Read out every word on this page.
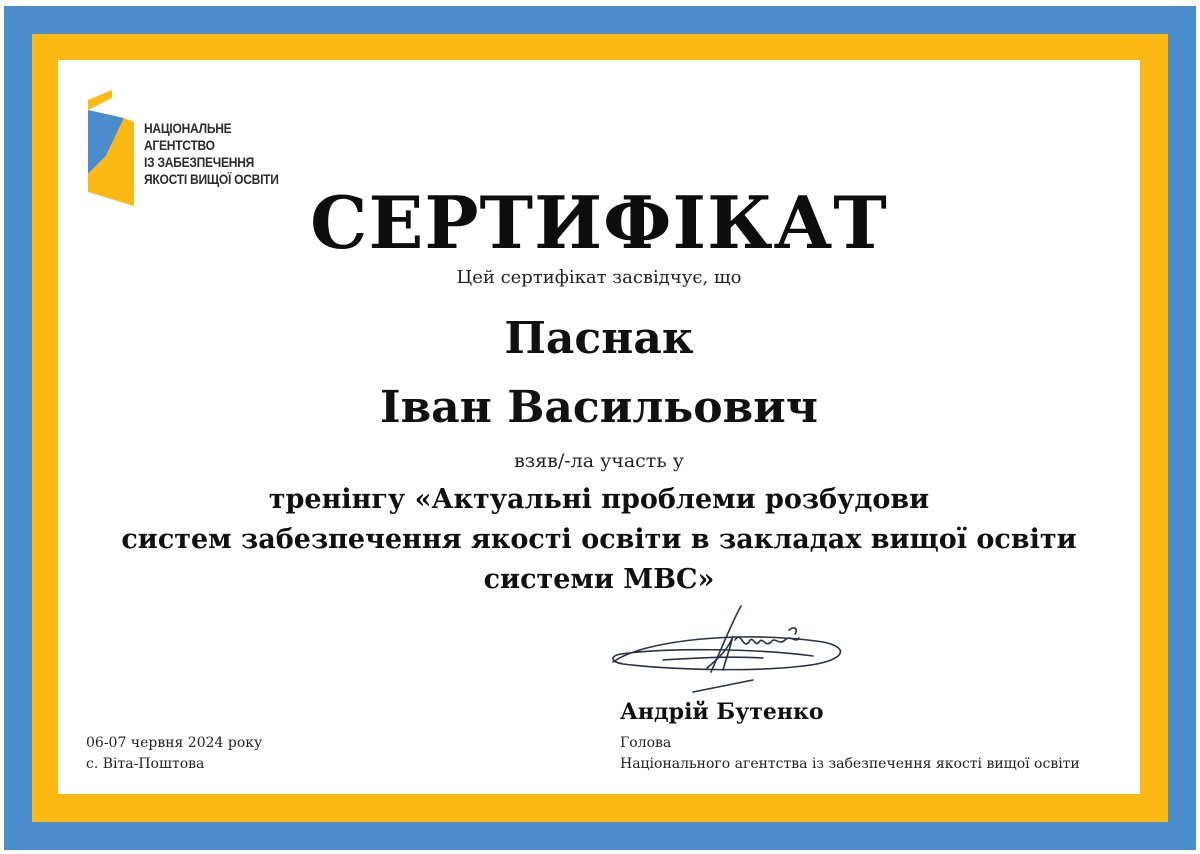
НАЦІОНАЛЬНЕ
АГЕНТСТВО
ІЗ ЗАБЕЗПЕЧЕННЯ
ЯКОСТІ ВИЩОЇ ОСВІТИ
СЕРТИФІКАТ
Цей сертифікат засвідчує, що
Паснак
Іван Васильович
взяв/-ла участь у
тренінгу «Актуальні проблеми розбудови
систем забезпечення якості освіти в закладах вищої освіти
системи МВС»
Андрій Бутенко
Голова
Національного агентства із забезпечення якості вищої освіти
06-07 червня 2024 року
с. Віта-Поштова
